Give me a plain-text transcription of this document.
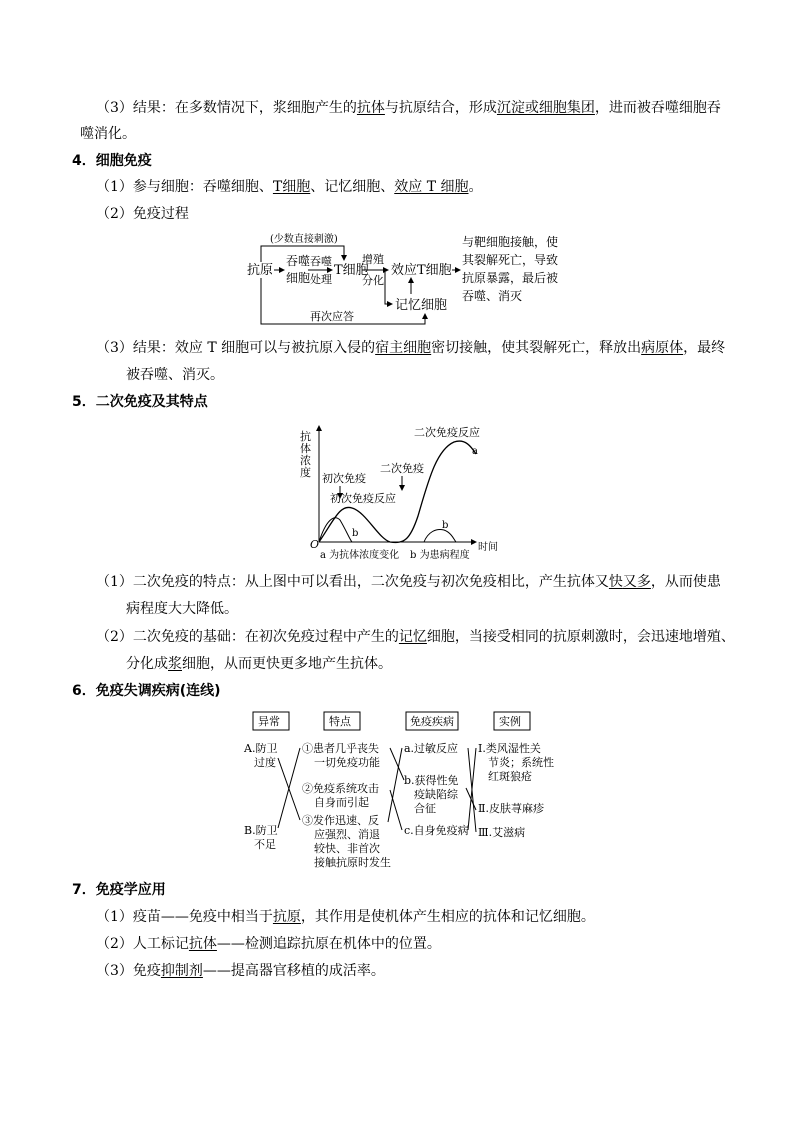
（3）结果：在多数情况下，浆细胞产生的抗体与抗原结合，形成沉淀或细胞集团，进而被吞噬细胞吞
噬消化。
4．细胞免疫
（1）参与细胞：吞噬细胞、T细胞、记忆细胞、效应 T 细胞。
（2）免疫过程
(少数直接刺激)
抗原
吞噬
细胞
吞噬
处理
T细胞
增殖
分化
效应T细胞
记忆细胞
再次应答
与靶细胞接触，使
其裂解死亡，导致
抗原暴露，最后被
吞噬、消灭
（3）结果：效应 T 细胞可以与被抗原入侵的宿主细胞密切接触，使其裂解死亡，释放出病原体，最终
被吞噬、消灭。
5．二次免疫及其特点
抗
体
浓
度
O	时间
二次免疫反应
a
初次免疫
二次免疫
初次免疫反应
b
b
a 为抗体浓度变化 b 为患病程度
（1）二次免疫的特点：从上图中可以看出，二次免疫与初次免疫相比，产生抗体又快又多，从而使患
病程度大大降低。
（2）二次免疫的基础：在初次免疫过程中产生的记忆细胞，当接受相同的抗原刺激时，会迅速地增殖、
分化成浆细胞，从而更快更多地产生抗体。
6．免疫失调疾病(连线)
异常	特点	免疫疾病	实例
A.防卫
过度
B.防卫
不足
①患者几乎丧失
一切免疫功能
②免疫系统攻击
自身而引起
③发作迅速、反
应强烈、消退
较快、非首次
接触抗原时发生
a.过敏反应
b.获得性免
疫缺陷综
合征
c.自身免疫病
Ⅰ.类风湿性关
节炎；系统性
红斑狼疮
Ⅱ.皮肤荨麻疹
Ⅲ.艾滋病
7．免疫学应用
（1）疫苗——免疫中相当于抗原，其作用是使机体产生相应的抗体和记忆细胞。
（2）人工标记抗体——检测追踪抗原在机体中的位置。
（3）免疫抑制剂——提高器官移植的成活率。
